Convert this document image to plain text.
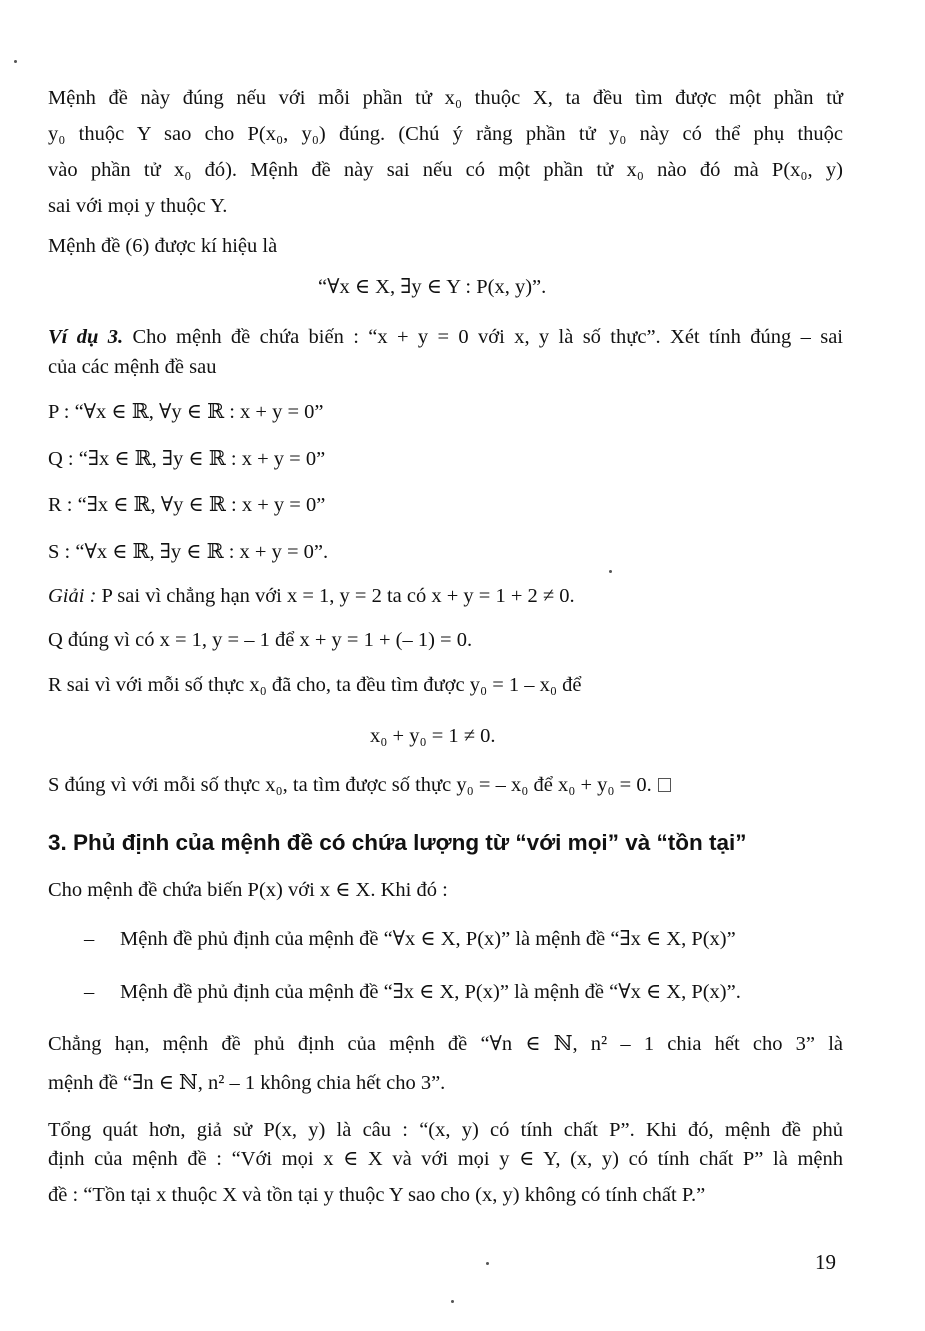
Mệnh đề này đúng nếu với mỗi phần tử x₀ thuộc X, ta đều tìm được một phần tử
y₀ thuộc Y sao cho P(x₀, y₀) đúng. (Chú ý rằng phần tử y₀ này có thể phụ thuộc
vào phần tử x₀ đó). Mệnh đề này sai nếu có một phần tử x₀ nào đó mà P(x₀, y)
sai với mọi y thuộc Y.
Mệnh đề (6) được kí hiệu là
“∀x ∈ X, ∃y ∈ Y : P(x, y)”.
Ví dụ 3. Cho mệnh đề chứa biến : “x + y = 0 với x, y là số thực”. Xét tính đúng – sai
của các mệnh đề sau
P : “∀x ∈ ℝ, ∀y ∈ ℝ : x + y = 0”
Q : “∃x ∈ ℝ, ∃y ∈ ℝ : x + y = 0”
R : “∃x ∈ ℝ, ∀y ∈ ℝ : x + y = 0”
S : “∀x ∈ ℝ, ∃y ∈ ℝ : x + y = 0”.
Giải : P sai vì chẳng hạn với x = 1, y = 2 ta có x + y = 1 + 2 ≠ 0.
Q đúng vì có x = 1, y = – 1 để x + y = 1 + (– 1) = 0.
R sai vì với mỗi số thực x₀ đã cho, ta đều tìm được y₀ = 1 – x₀ để
x₀ + y₀ = 1 ≠ 0.
S đúng vì với mỗi số thực x₀, ta tìm được số thực y₀ = – x₀ để x₀ + y₀ = 0.
3. Phủ định của mệnh đề có chứa lượng từ “với mọi” và “tồn tại”
Cho mệnh đề chứa biến P(x) với x ∈ X. Khi đó :
– Mệnh đề phủ định của mệnh đề “∀x ∈ X, P(x)” là mệnh đề “∃x ∈ X, P(x)”
– Mệnh đề phủ định của mệnh đề “∃x ∈ X, P(x)” là mệnh đề “∀x ∈ X, P(x)”.
Chẳng hạn, mệnh đề phủ định của mệnh đề “∀n ∈ ℕ, n² – 1 chia hết cho 3” là
mệnh đề “∃n ∈ ℕ, n² – 1 không chia hết cho 3”.
Tổng quát hơn, giả sử P(x, y) là câu : “(x, y) có tính chất P”. Khi đó, mệnh đề phủ
định của mệnh đề : “Với mọi x ∈ X và với mọi y ∈ Y, (x, y) có tính chất P” là mệnh
đề : “Tồn tại x thuộc X và tồn tại y thuộc Y sao cho (x, y) không có tính chất P.”
19
